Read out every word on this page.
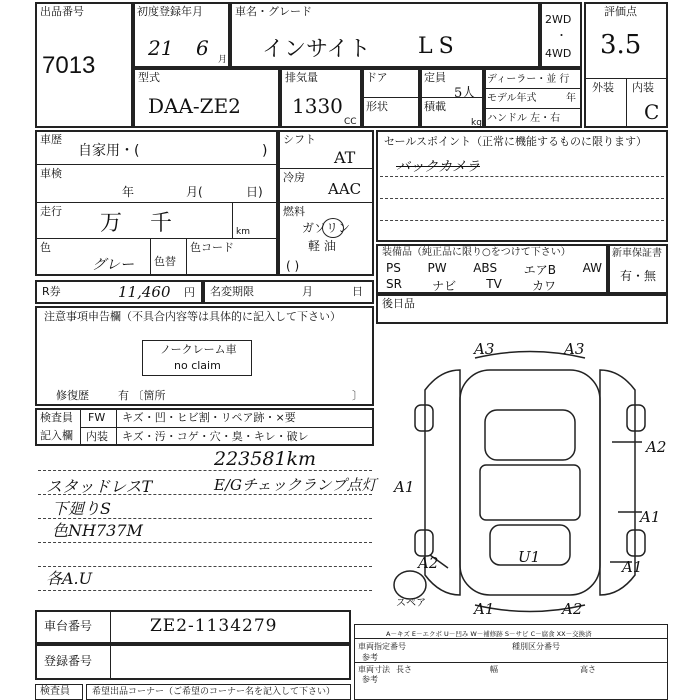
出品番号
7013
初度登録年月
21 6 月
車名・グレード
インサイト LS
2WD
・
4WD
評価点
3.5
外装 内装
C
型式
DAA-ZE2
排気量
1330
CC
ドア
形状
定員
5人
積載
kg
ディーラー・並 行
モデル年式	年
ハンドル 左・右
車歴
自家用・(	)
車検
年	月(	日)
走行 万 千	km
色
グレー 色替
色コード
シフト
AT
冷房
AAC
燃料
ガソリン
軽 油
( )
セールスポイント（正常に機能するものに限ります）
バックカメラ
装備品（純正品に限り○をつけて下さい）
PS PW ABS エアB AW
SR	ナビ	TV	カワ
新車保証書
有・無
R券	11,460 円 名変期限	月	日
後日品
注意事項申告欄（不具合内容等は具体的に記入して下さい）
ノークレーム車
no claim
修復歴	有 〔箇所	〕
検査員
記入欄
FW キズ・凹・ヒビ割・リペア跡・×要
内装 キズ・汚・コゲ・穴・臭・キレ・破レ
223581km
E/Gチェックランプ点灯
スタッドレスT
下廻りS
色NH737M
各A.U
A3	A3
A2
A1
A1
A2	A1
A1	A2
U1
スペア
A－キズ E－エクボ U－凹み W－補修跡 S－サビ C－腐食 XX－交換済
車両指定番号	種別区分番号
参考
車両寸法 長さ	幅	高さ
参考
車台番号	ZE2-1134279
登録番号
検査員 希望出品コーナー（ご希望のコーナー名を記入して下さい）
